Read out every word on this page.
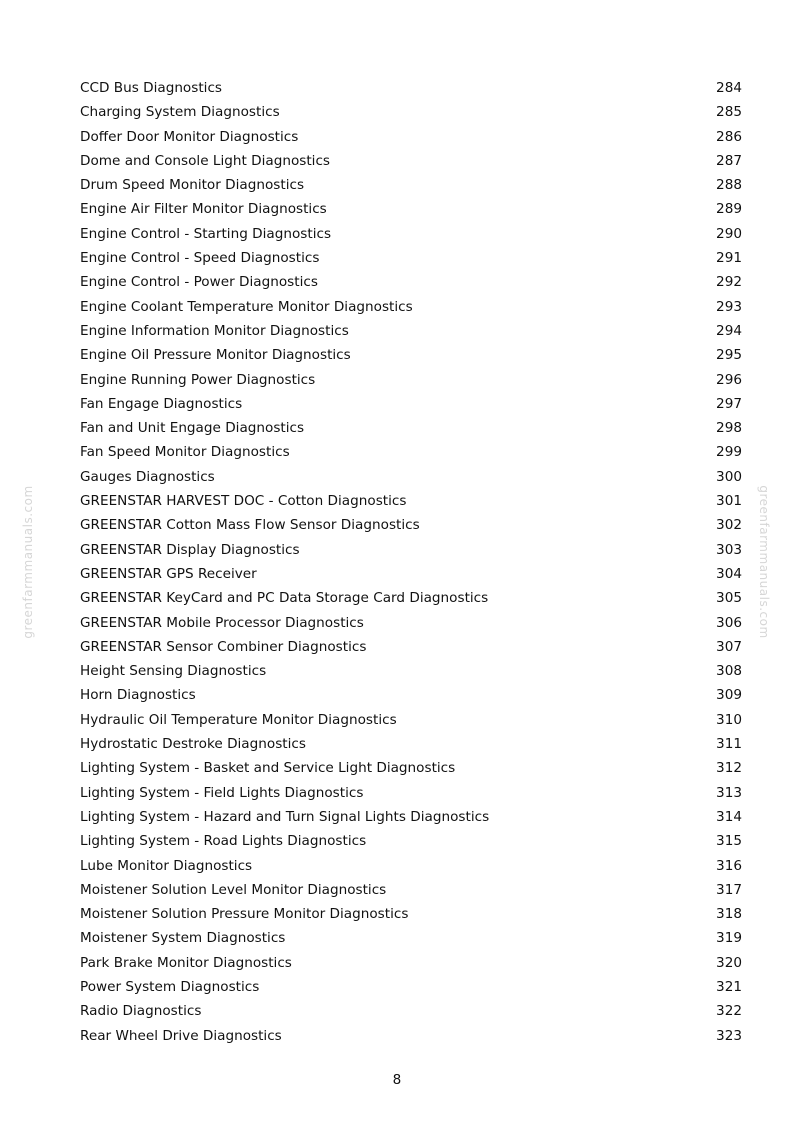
greenfarmmanuals.com	greenfarmmanuals.com
CCD Bus Diagnostics	284
Charging System Diagnostics	285
Doffer Door Monitor Diagnostics	286
Dome and Console Light Diagnostics	287
Drum Speed Monitor Diagnostics	288
Engine Air Filter Monitor Diagnostics	289
Engine Control - Starting Diagnostics	290
Engine Control - Speed Diagnostics	291
Engine Control - Power Diagnostics	292
Engine Coolant Temperature Monitor Diagnostics	293
Engine Information Monitor Diagnostics	294
Engine Oil Pressure Monitor Diagnostics	295
Engine Running Power Diagnostics	296
Fan Engage Diagnostics	297
Fan and Unit Engage Diagnostics	298
Fan Speed Monitor Diagnostics	299
Gauges Diagnostics	300
GREENSTAR HARVEST DOC - Cotton Diagnostics	301
GREENSTAR Cotton Mass Flow Sensor Diagnostics	302
GREENSTAR Display Diagnostics	303
GREENSTAR GPS Receiver	304
GREENSTAR KeyCard and PC Data Storage Card Diagnostics	305
GREENSTAR Mobile Processor Diagnostics	306
GREENSTAR Sensor Combiner Diagnostics	307
Height Sensing Diagnostics	308
Horn Diagnostics	309
Hydraulic Oil Temperature Monitor Diagnostics	310
Hydrostatic Destroke Diagnostics	311
Lighting System - Basket and Service Light Diagnostics	312
Lighting System - Field Lights Diagnostics	313
Lighting System - Hazard and Turn Signal Lights Diagnostics	314
Lighting System - Road Lights Diagnostics	315
Lube Monitor Diagnostics	316
Moistener Solution Level Monitor Diagnostics	317
Moistener Solution Pressure Monitor Diagnostics	318
Moistener System Diagnostics	319
Park Brake Monitor Diagnostics	320
Power System Diagnostics	321
Radio Diagnostics	322
Rear Wheel Drive Diagnostics	323
8
